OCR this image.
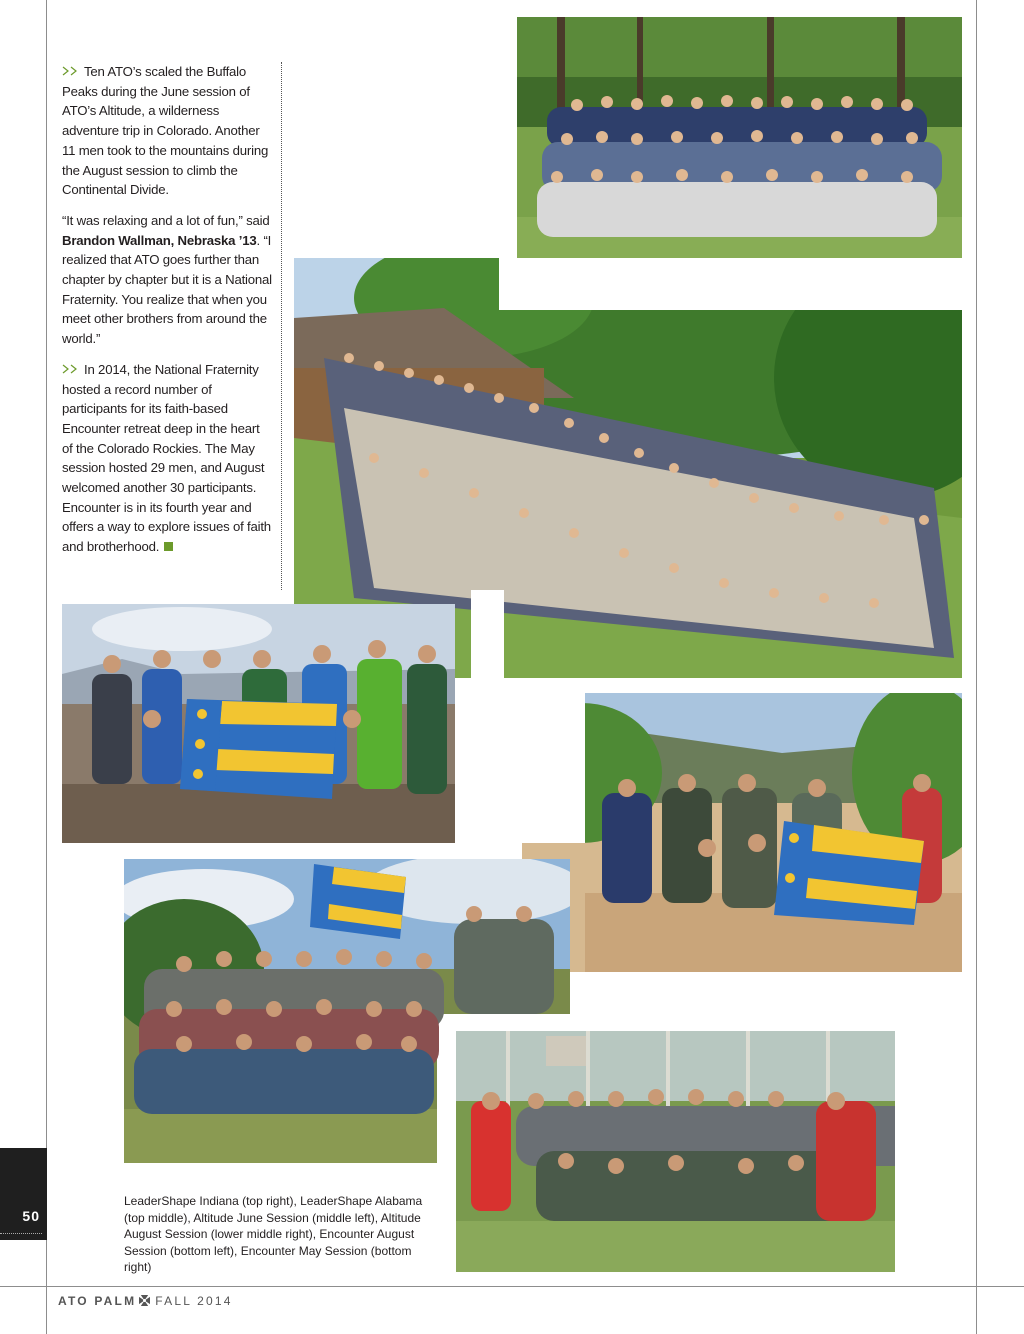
Ten ATO’s scaled the Buffalo Peaks during the June session of ATO’s Altitude, a wilderness adventure trip in Colorado. Another 11 men took to the mountains during the August session to climb the Continental Divide.

“It was relaxing and a lot of fun,” said Brandon Wallman, Nebraska ’13. “I realized that ATO goes further than chapter by chapter but it is a National Fraternity. You realize that when you meet other brothers from around the world.”

In 2014, the National Fraternity hosted a record number of participants for its faith-based Encounter retreat deep in the heart of the Colorado Rockies. The May session hosted 29 men, and August welcomed another 30 participants. Encounter is in its fourth year and offers a way to explore issues of faith and brotherhood.

LeaderShape Indiana (top right), LeaderShape Alabama (top middle), Altitude June Session (middle left), Altitude August Session (lower middle right), Encounter August Session (bottom left), Encounter May Session (bottom right)
50
ATO PALM FALL 2014
